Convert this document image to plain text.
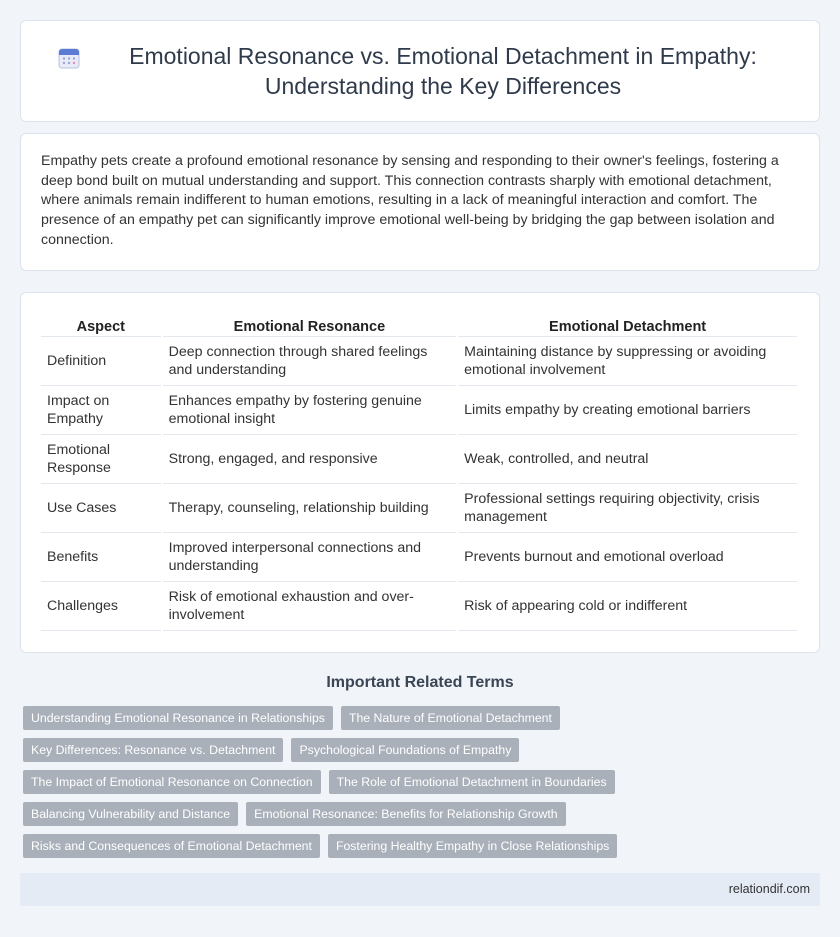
Emotional Resonance vs. Emotional Detachment in Empathy: Understanding the Key Differences

Empathy pets create a profound emotional resonance by sensing and responding to their owner's feelings, fostering a deep bond built on mutual understanding and support. This connection contrasts sharply with emotional detachment, where animals remain indifferent to human emotions, resulting in a lack of meaningful interaction and comfort. The presence of an empathy pet can significantly improve emotional well-being by bridging the gap between isolation and connection.

Aspect	Emotional Resonance	Emotional Detachment
Definition	Deep connection through shared feelings and understanding	Maintaining distance by suppressing or avoiding emotional involvement
Impact on Empathy	Enhances empathy by fostering genuine emotional insight	Limits empathy by creating emotional barriers
Emotional Response	Strong, engaged, and responsive	Weak, controlled, and neutral
Use Cases	Therapy, counseling, relationship building	Professional settings requiring objectivity, crisis management
Benefits	Improved interpersonal connections and understanding	Prevents burnout and emotional overload
Challenges	Risk of emotional exhaustion and over-involvement	Risk of appearing cold or indifferent
Important Related Terms
Understanding Emotional Resonance in Relationships	The Nature of Emotional Detachment
Key Differences: Resonance vs. Detachment	Psychological Foundations of Empathy
The Impact of Emotional Resonance on Connection	The Role of Emotional Detachment in Boundaries
Balancing Vulnerability and Distance	Emotional Resonance: Benefits for Relationship Growth
Risks and Consequences of Emotional Detachment	Fostering Healthy Empathy in Close Relationships
relationdif.com
